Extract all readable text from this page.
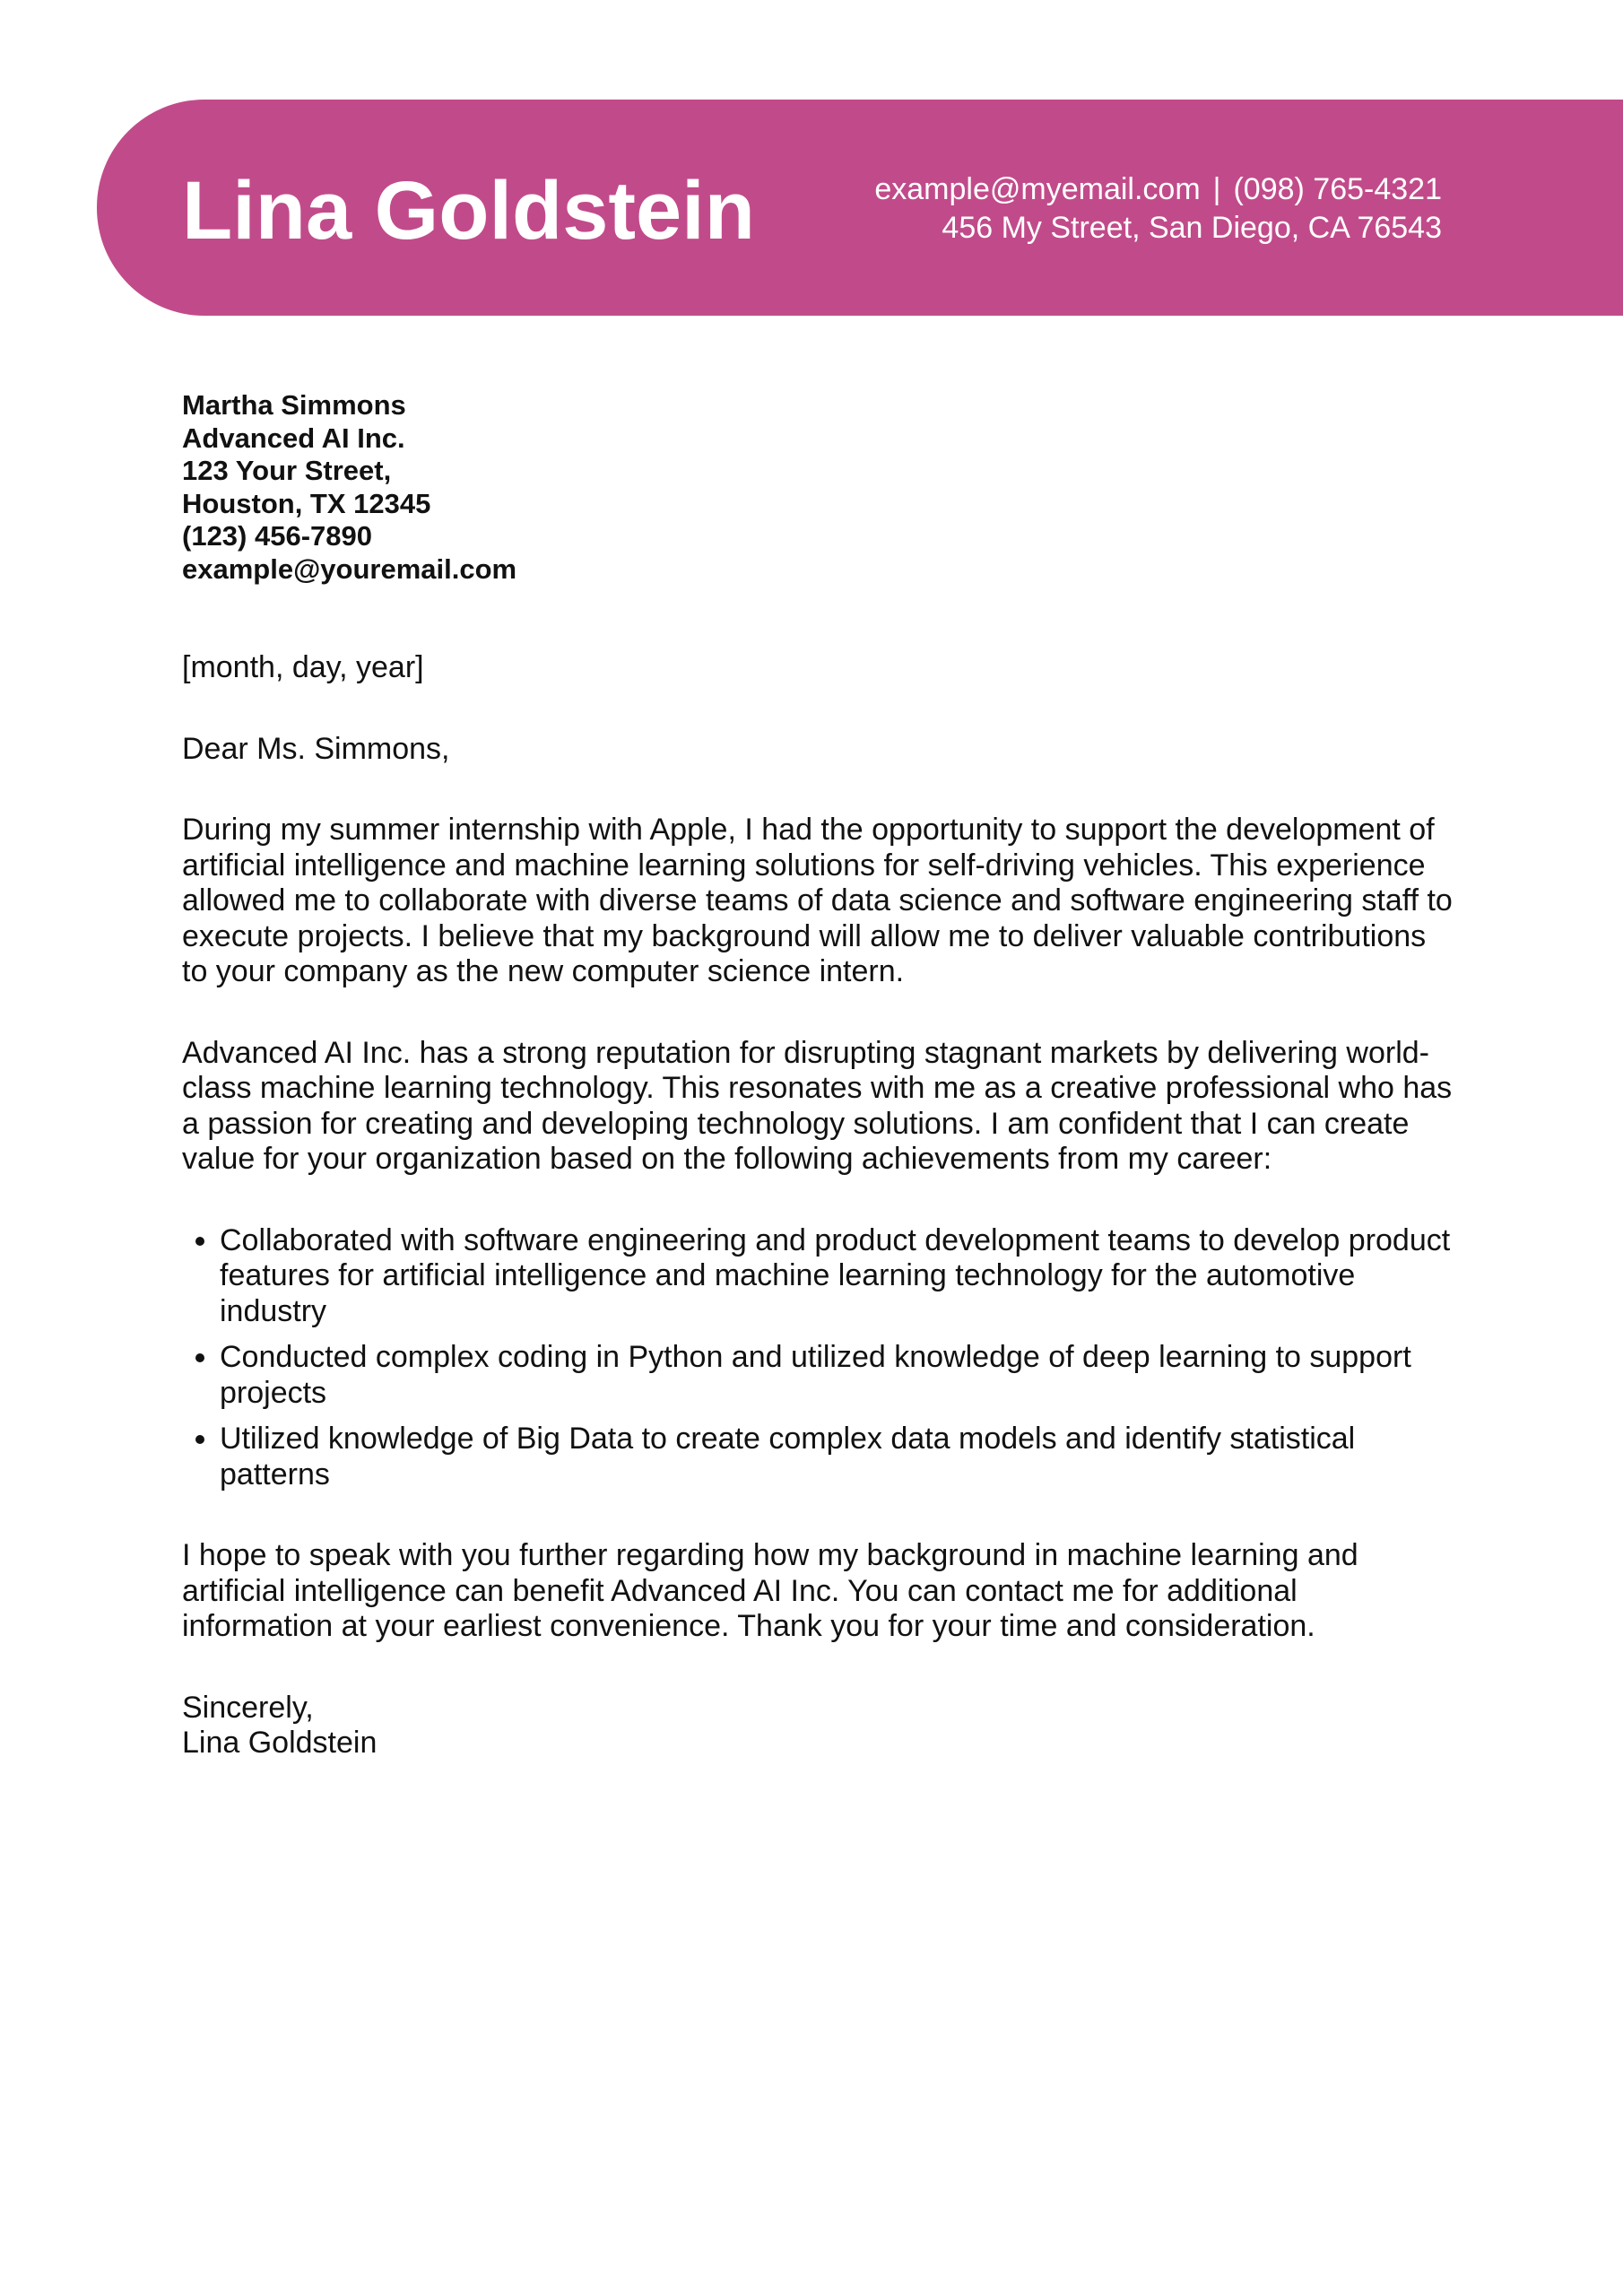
Lina Goldstein	example@myemail.com | (098) 765-4321
456 My Street, San Diego, CA 76543
Martha Simmons
Advanced AI Inc.
123 Your Street,
Houston, TX 12345
(123) 456-7890
example@youremail.com

[month, day, year]

Dear Ms. Simmons,

During my summer internship with Apple, I had the opportunity to support the development of artificial intelligence and machine learning solutions for self-driving vehicles. This experience allowed me to collaborate with diverse teams of data science and software engineering staff to execute projects. I believe that my background will allow me to deliver valuable contributions to your company as the new computer science intern.

Advanced AI Inc. has a strong reputation for disrupting stagnant markets by delivering world-class machine learning technology. This resonates with me as a creative professional who has a passion for creating and developing technology solutions. I am confident that I can create value for your organization based on the following achievements from my career:

• Collaborated with software engineering and product development teams to develop product features for artificial intelligence and machine learning technology for the automotive industry
• Conducted complex coding in Python and utilized knowledge of deep learning to support projects
• Utilized knowledge of Big Data to create complex data models and identify statistical patterns

I hope to speak with you further regarding how my background in machine learning and artificial intelligence can benefit Advanced AI Inc. You can contact me for additional information at your earliest convenience. Thank you for your time and consideration.

Sincerely,
Lina Goldstein
